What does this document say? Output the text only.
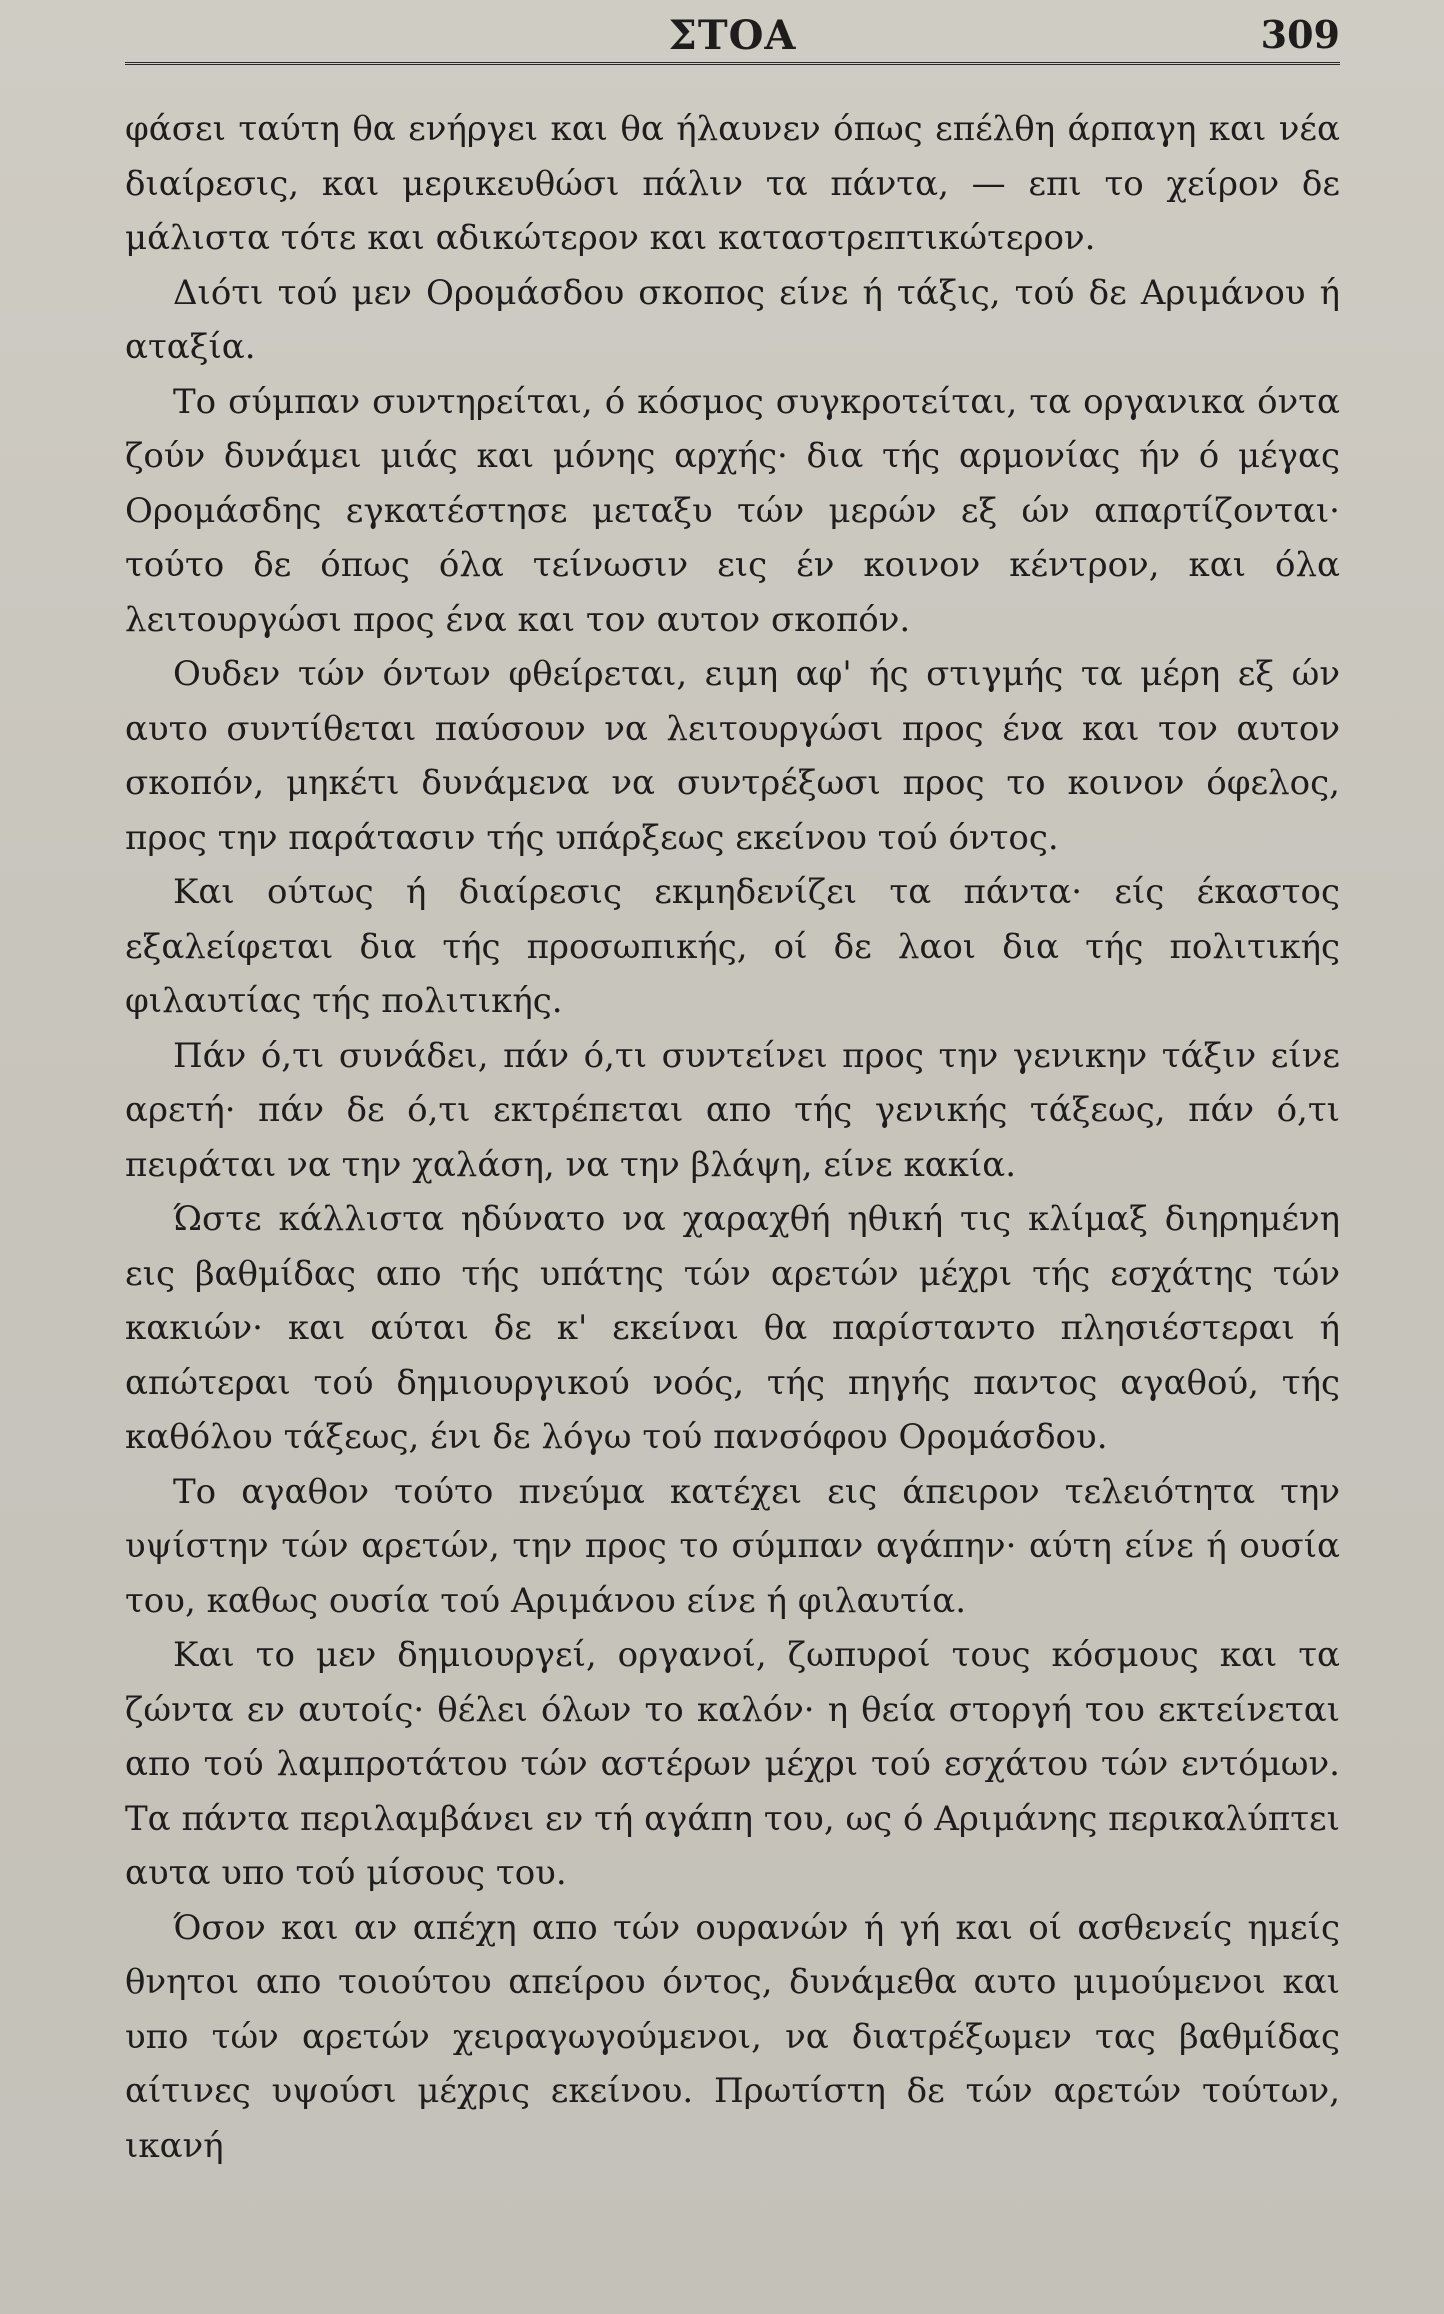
ΣΤΟΑ	309

φάσει ταύτη θα ενήργει και θα ήλαυνεν όπως επέλθη άρπαγη και νέα διαίρεσις, και μερικευθώσι πάλιν τα πάντα, — επι το χείρον δε μάλιστα τότε και αδικώτερον και καταστρεπτικώτερον.

Διότι τού μεν Ορομάσδου σκοπος είνε ή τάξις, τού δε Αριμάνου ή αταξία.

Το σύμπαν συντηρείται, ό κόσμος συγκροτείται, τα οργανικα όντα ζούν δυνάμει μιάς και μόνης αρχής· δια τής αρμονίας ήν ό μέγας Ορομάσδης εγκατέστησε μεταξυ τών μερών εξ ών απαρτίζονται· τούτο δε όπως όλα τείνωσιν εις έν κοινον κέντρον, και όλα λειτουργώσι προς ένα και τον αυτον σκοπόν.

Ουδεν τών όντων φθείρεται, ειμη αφ' ής στιγμής τα μέρη εξ ών αυτο συντίθεται παύσουν να λειτουργώσι προς ένα και τον αυτον σκοπόν, μηκέτι δυνάμενα να συντρέξωσι προς το κοινον όφελος, προς την παράτασιν τής υπάρξεως εκείνου τού όντος.

Και ούτως ή διαίρεσις εκμηδενίζει τα πάντα· είς έκαστος εξαλείφεται δια τής προσωπικής, οί δε λαοι δια τής πολιτικής φιλαυτίας τής πολιτικής.

Πάν ό,τι συνάδει, πάν ό,τι συντείνει προς την γενικην τάξιν είνε αρετή· πάν δε ό,τι εκτρέπεται απο τής γενικής τάξεως, πάν ό,τι πειράται να την χαλάση, να την βλάψη, είνε κακία.

Ώστε κάλλιστα ηδύνατο να χαραχθή ηθική τις κλίμαξ διηρημένη εις βαθμίδας απο τής υπάτης τών αρετών μέχρι τής εσχάτης τών κακιών· και αύται δε κ' εκείναι θα παρίσταντο πλησιέστεραι ή απώτεραι τού δημιουργικού νοός, τής πηγής παντος αγαθού, τής καθόλου τάξεως, ένι δε λόγω τού πανσόφου Ορομάσδου.

Το αγαθον τούτο πνεύμα κατέχει εις άπειρον τελειότητα την υψίστην τών αρετών, την προς το σύμπαν αγάπην· αύτη είνε ή ουσία του, καθως ουσία τού Αριμάνου είνε ή φιλαυτία.

Και το μεν δημιουργεί, οργανοί, ζωπυροί τους κόσμους και τα ζώντα εν αυτοίς· θέλει όλων το καλόν· η θεία στοργή του εκτείνεται απο τού λαμπροτάτου τών αστέρων μέχρι τού εσχάτου τών εντόμων. Τα πάντα περιλαμβάνει εν τή αγάπη του, ως ό Αριμάνης περικαλύπτει αυτα υπο τού μίσους του.

Όσον και αν απέχη απο τών ουρανών ή γή και οί ασθενείς ημείς θνητοι απο τοιούτου απείρου όντος, δυνάμεθα αυτο μιμούμενοι και υπο τών αρετών χειραγωγούμενοι, να διατρέξωμεν τας βαθμίδας αίτινες υψούσι μέχρις εκείνου. Πρωτίστη δε τών αρετών τούτων, ικανή
